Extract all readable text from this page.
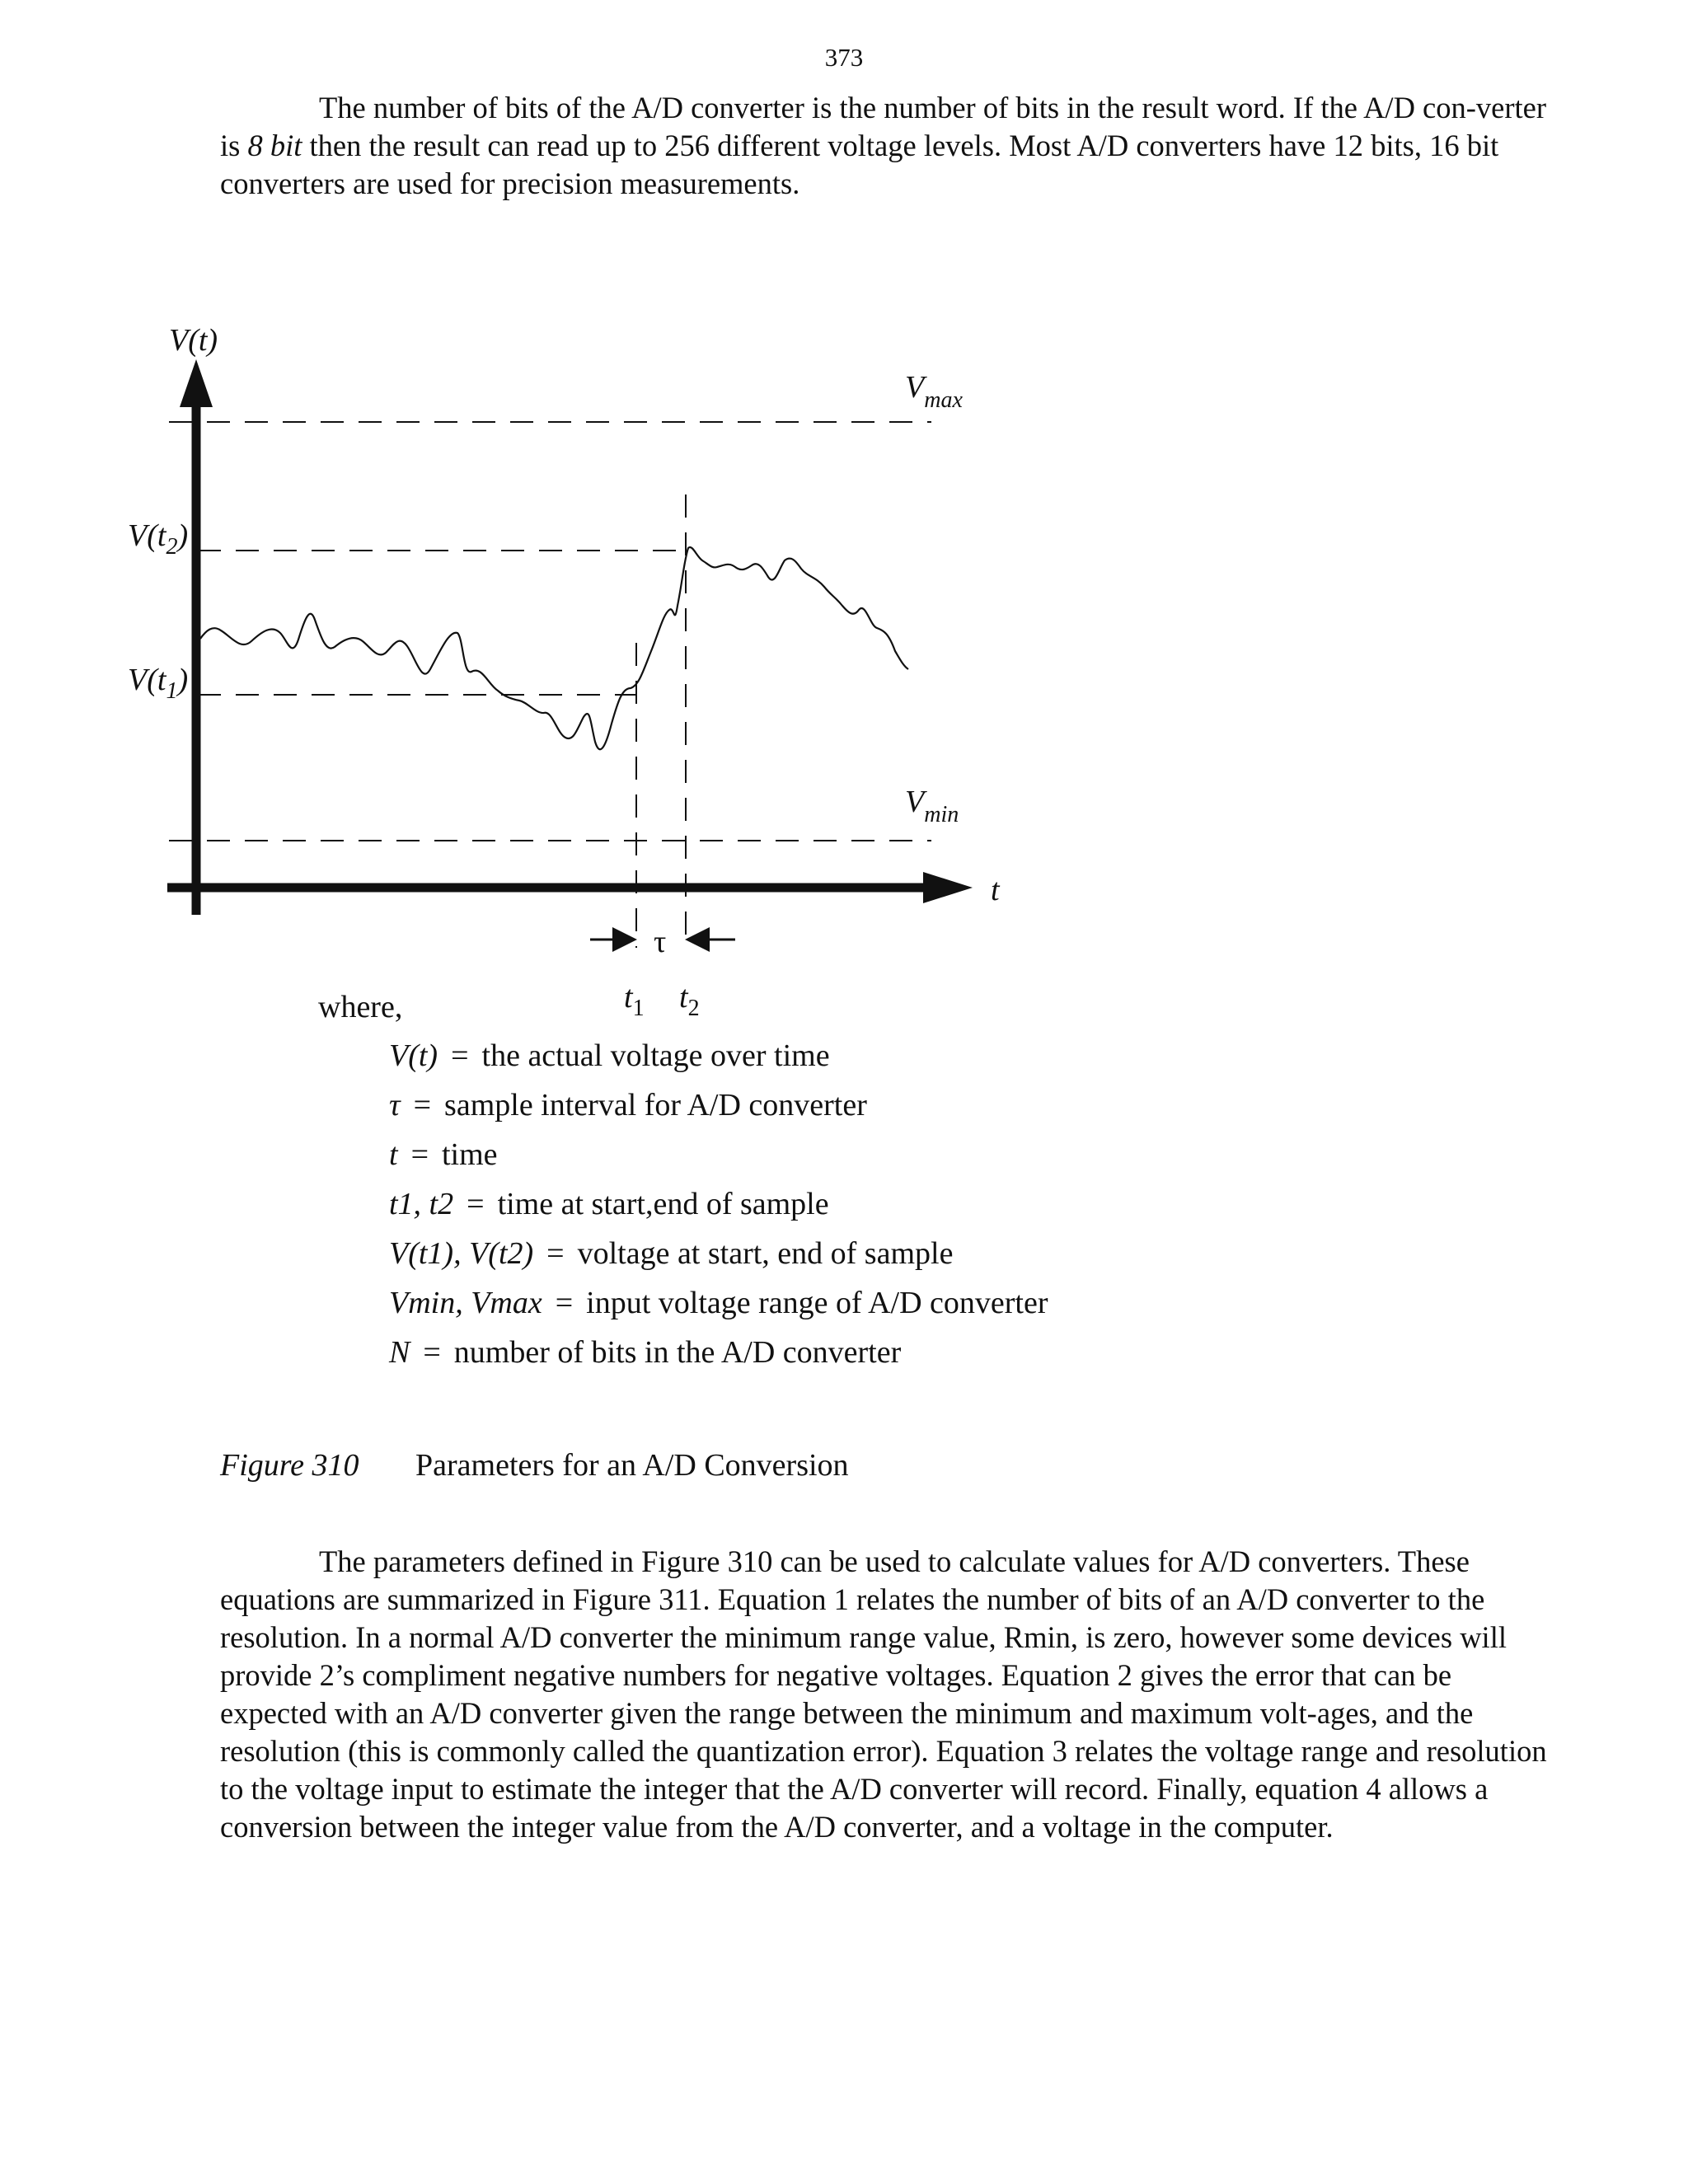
373

The number of bits of the A/D converter is the number of bits in the result word. If the A/D con-verter is 8 bit then the result can read up to 256 different voltage levels. Most A/D converters have 12 bits, 16 bit converters are used for precision measurements.

V(t)
t
$V_{max}$
$V_{min}$
$V(t_2)$
$V(t_1)$
τ
$t_1$ $t_2$
where,
V(t) = the actual voltage over time
τ = sample interval for A/D converter
t = time
t1, t2 = time at start,end of sample
V(t1), V(t2) = voltage at start, end of sample
Vmin, Vmax = input voltage range of A/D converter
N = number of bits in the A/D converter
Figure 310 Parameters for an A/D Conversion

The parameters defined in Figure 310 can be used to calculate values for A/D converters. These equations are summarized in Figure 311. Equation 1 relates the number of bits of an A/D converter to the resolution. In a normal A/D converter the minimum range value, Rmin, is zero, however some devices will provide 2’s compliment negative numbers for negative voltages. Equation 2 gives the error that can be expected with an A/D converter given the range between the minimum and maximum volt-ages, and the resolution (this is commonly called the quantization error). Equation 3 relates the voltage range and resolution to the voltage input to estimate the integer that the A/D converter will record. Finally, equation 4 allows a conversion between the integer value from the A/D converter, and a voltage in the computer.
